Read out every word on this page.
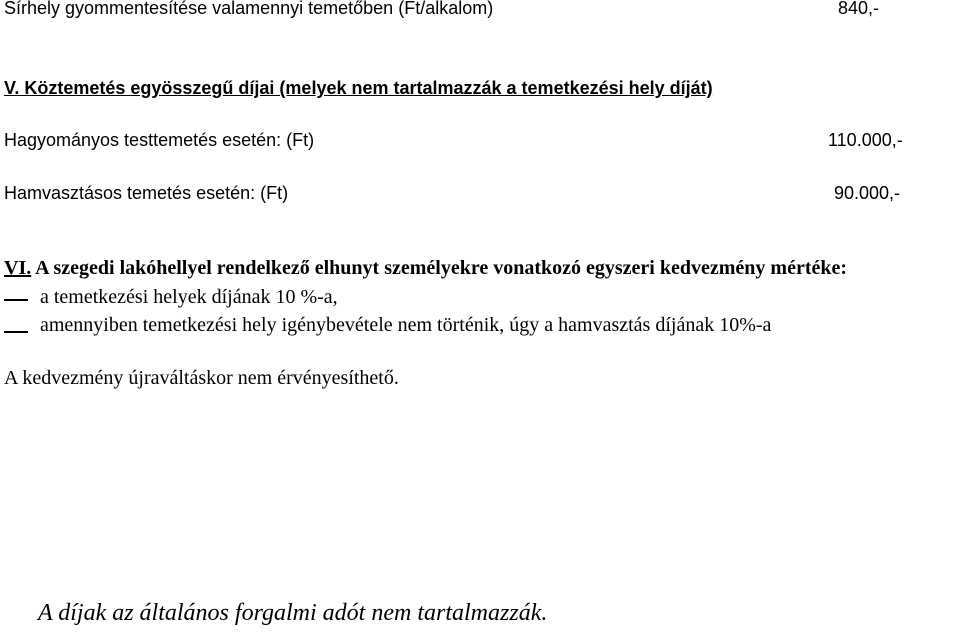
Sírhely gyommentesítése valamennyi temetőben (Ft/alkalom)	840,-
V. Köztemetés egyösszegű díjai (melyek nem tartalmazzák a temetkezési hely díját)
Hagyományos testtemetés esetén: (Ft)	110.000,-
Hamvasztásos temetés esetén: (Ft)	90.000,-
VI. A szegedi lakóhellyel rendelkező elhunyt személyekre vonatkozó egyszeri kedvezmény mértéke:
a temetkezési helyek díjának 10 %-a,
amennyiben temetkezési hely igénybevétele nem történik, úgy a hamvasztás díjának 10%-a
A kedvezmény újraváltáskor nem érvényesíthető.
A díjak az általános forgalmi adót nem tartalmazzák.
